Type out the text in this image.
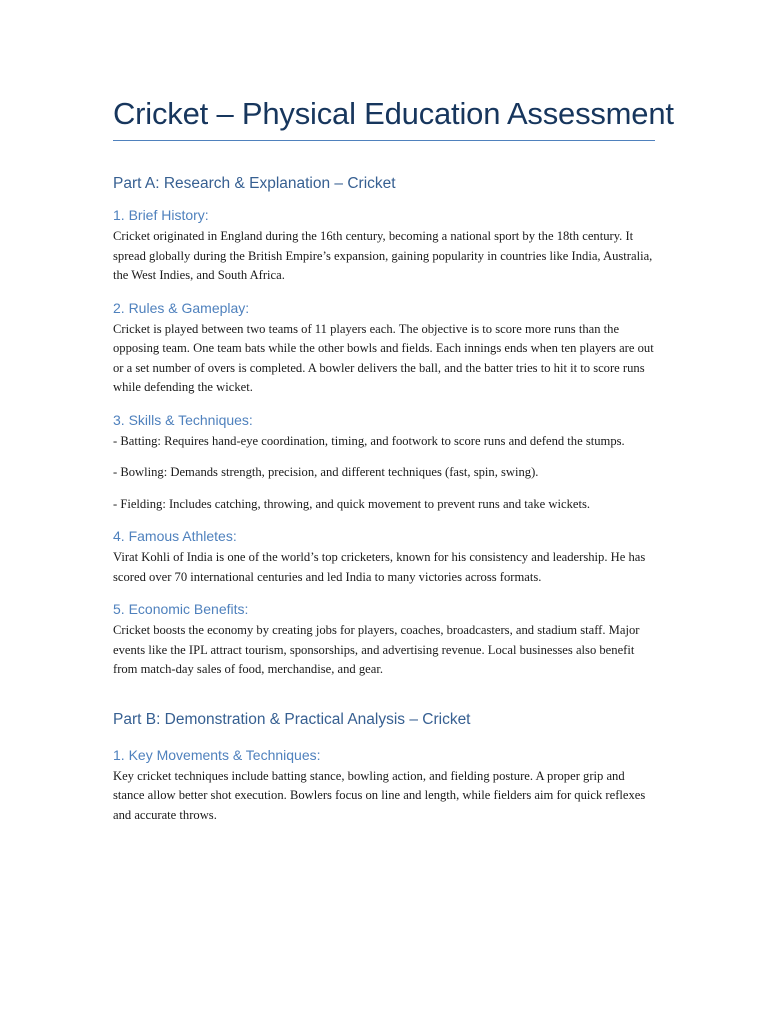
Cricket – Physical Education Assessment
Part A: Research & Explanation – Cricket
1. Brief History:

Cricket originated in England during the 16th century, becoming a national sport by the 18th century. It spread globally during the British Empire’s expansion, gaining popularity in countries like India, Australia, the West Indies, and South Africa.

2. Rules & Gameplay:

Cricket is played between two teams of 11 players each. The objective is to score more runs than the opposing team. One team bats while the other bowls and fields. Each innings ends when ten players are out or a set number of overs is completed. A bowler delivers the ball, and the batter tries to hit it to score runs while defending the wicket.

3. Skills & Techniques:

- Batting: Requires hand-eye coordination, timing, and footwork to score runs and defend the stumps.

- Bowling: Demands strength, precision, and different techniques (fast, spin, swing).

- Fielding: Includes catching, throwing, and quick movement to prevent runs and take wickets.

4. Famous Athletes:

Virat Kohli of India is one of the world’s top cricketers, known for his consistency and leadership. He has scored over 70 international centuries and led India to many victories across formats.

5. Economic Benefits:

Cricket boosts the economy by creating jobs for players, coaches, broadcasters, and stadium staff. Major events like the IPL attract tourism, sponsorships, and advertising revenue. Local businesses also benefit from match-day sales of food, merchandise, and gear.

Part B: Demonstration & Practical Analysis – Cricket
1. Key Movements & Techniques:

Key cricket techniques include batting stance, bowling action, and fielding posture. A proper grip and stance allow better shot execution. Bowlers focus on line and length, while fielders aim for quick reflexes and accurate throws.
